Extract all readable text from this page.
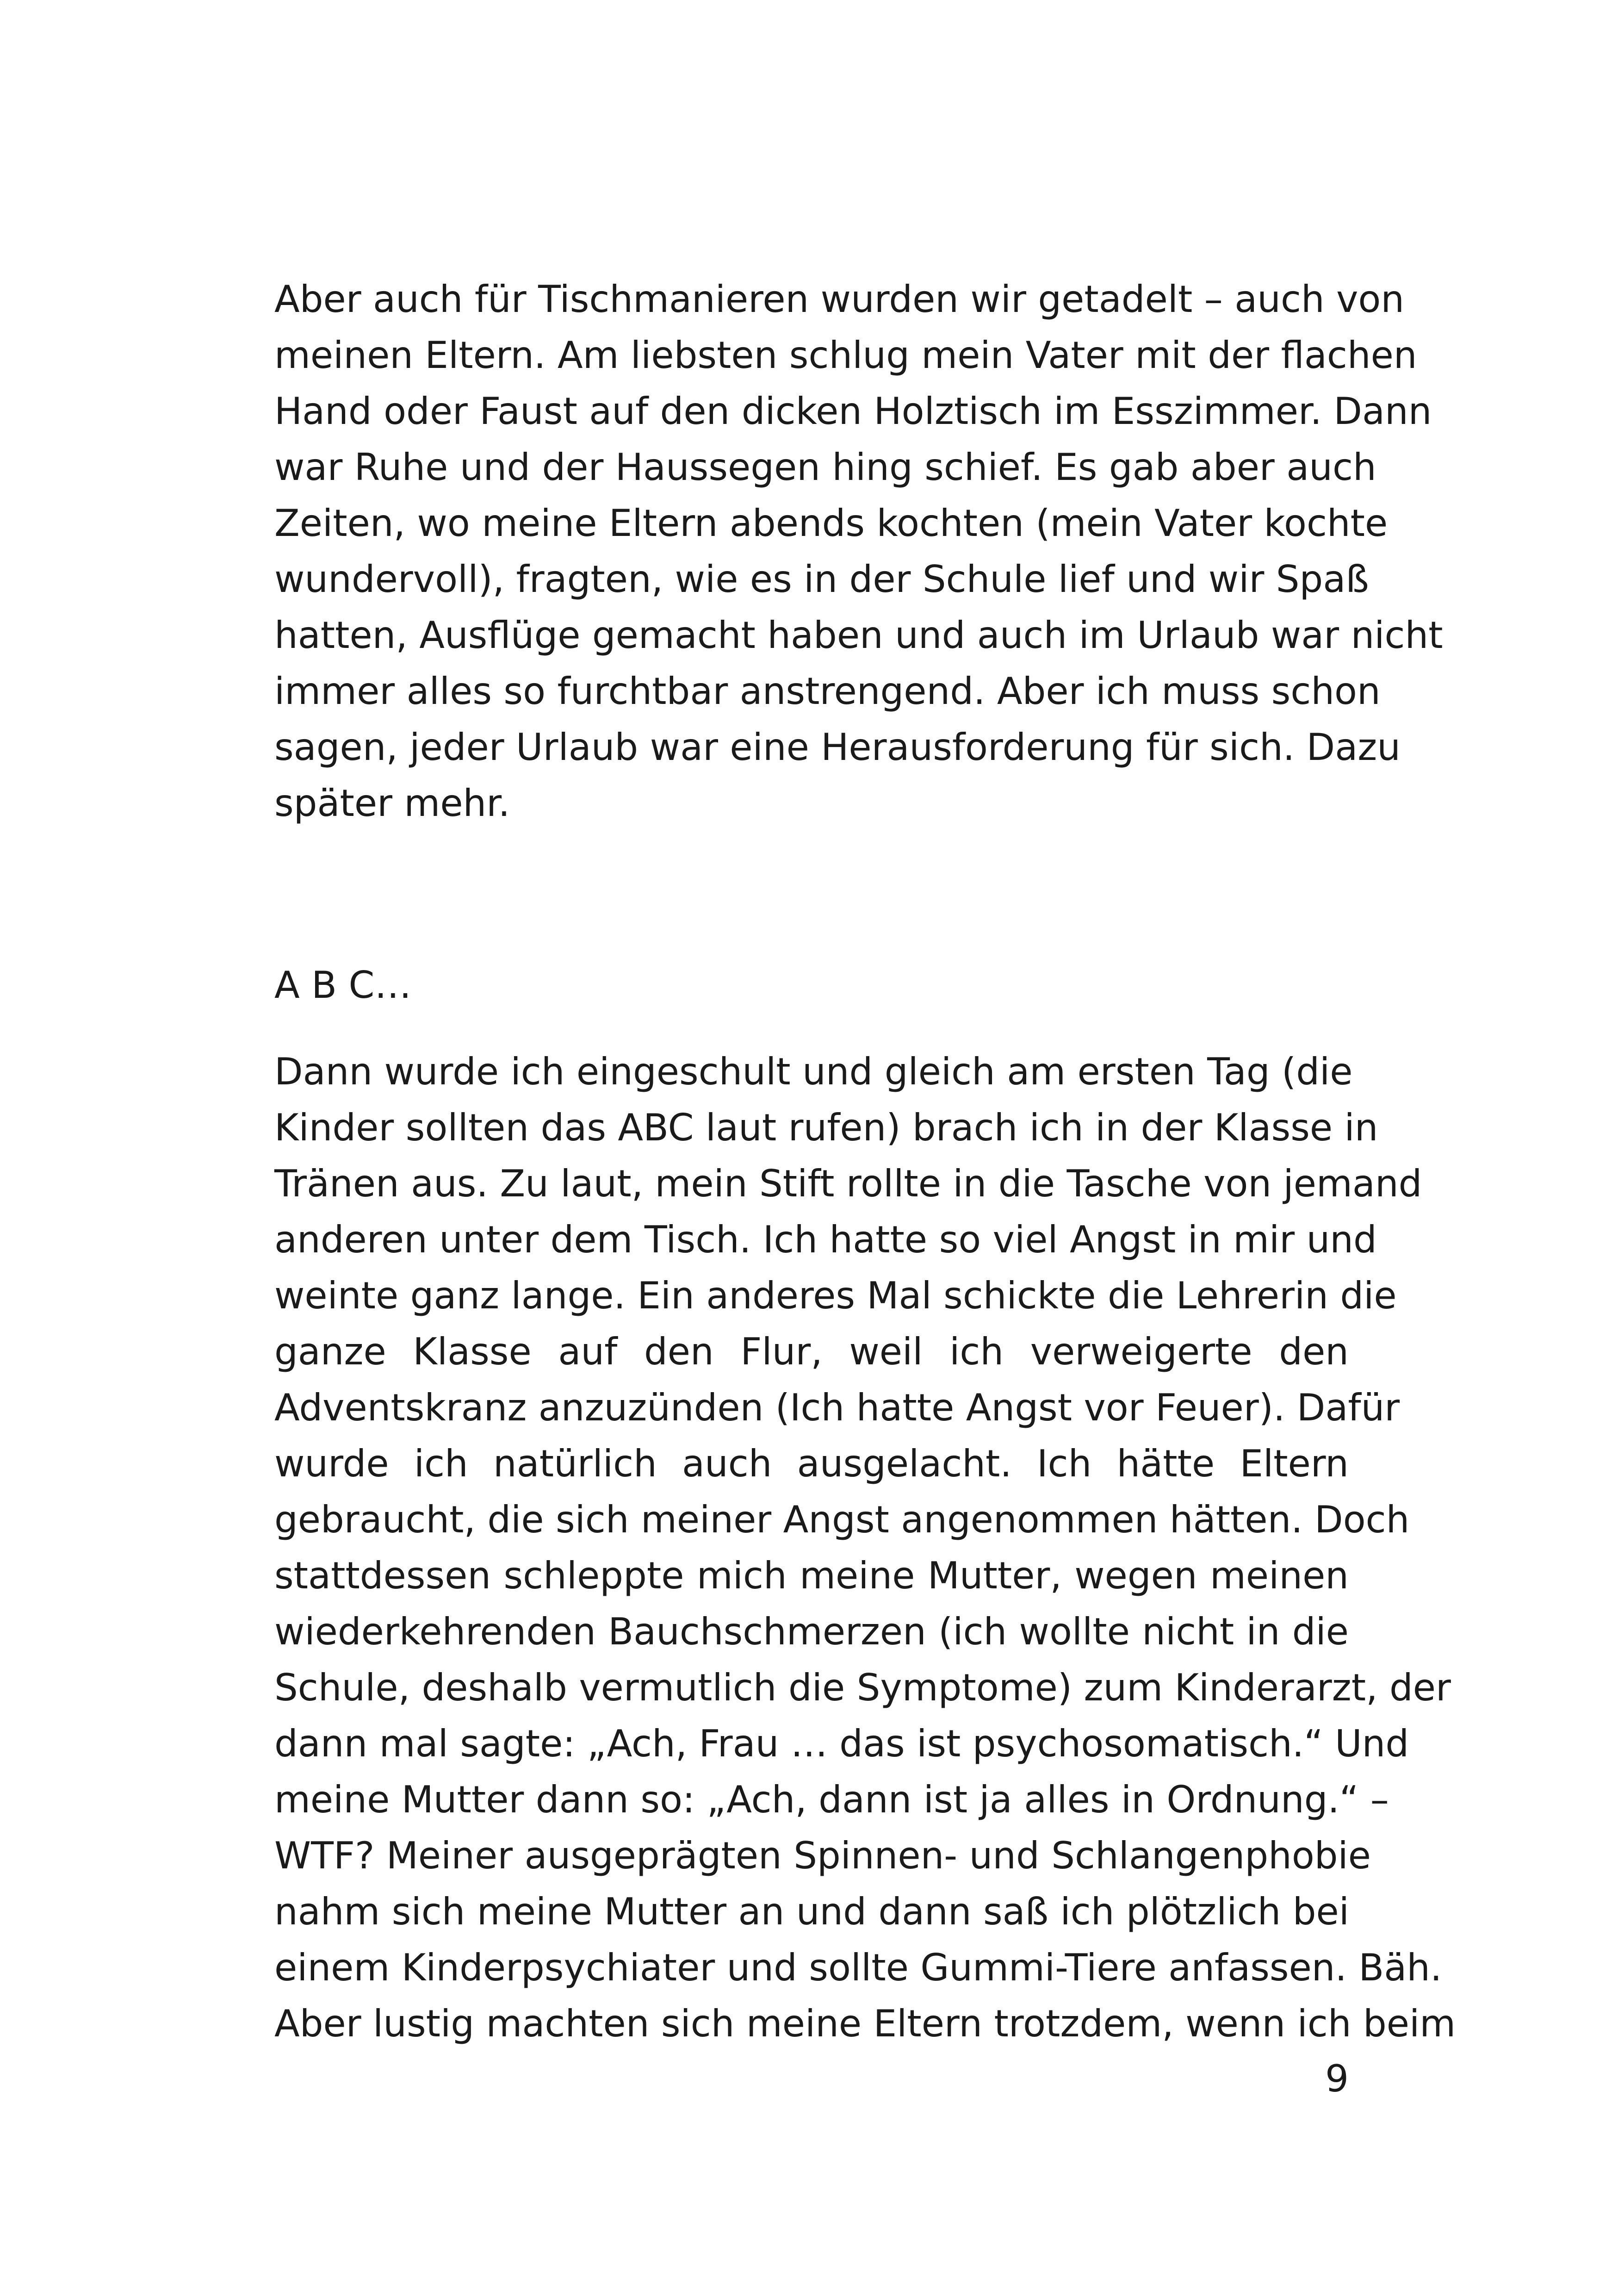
Aber auch für Tischmanieren wurden wir getadelt – auch von
meinen Eltern. Am liebsten schlug mein Vater mit der flachen
Hand oder Faust auf den dicken Holztisch im Esszimmer. Dann
war Ruhe und der Haussegen hing schief. Es gab aber auch
Zeiten, wo meine Eltern abends kochten (mein Vater kochte
wundervoll), fragten, wie es in der Schule lief und wir Spaß
hatten, Ausflüge gemacht haben und auch im Urlaub war nicht
immer alles so furchtbar anstrengend. Aber ich muss schon
sagen, jeder Urlaub war eine Herausforderung für sich. Dazu
später mehr.
A B C…
Dann wurde ich eingeschult und gleich am ersten Tag (die
Kinder sollten das ABC laut rufen) brach ich in der Klasse in
Tränen aus. Zu laut, mein Stift rollte in die Tasche von jemand
anderen unter dem Tisch. Ich hatte so viel Angst in mir und
weinte ganz lange. Ein anderes Mal schickte die Lehrerin die
ganze Klasse auf den Flur, weil ich verweigerte den
Adventskranz anzuzünden (Ich hatte Angst vor Feuer). Dafür
wurde ich natürlich auch ausgelacht. Ich hätte Eltern
gebraucht, die sich meiner Angst angenommen hätten. Doch
stattdessen schleppte mich meine Mutter, wegen meinen
wiederkehrenden Bauchschmerzen (ich wollte nicht in die
Schule, deshalb vermutlich die Symptome) zum Kinderarzt, der
dann mal sagte: „Ach, Frau … das ist psychosomatisch.“ Und
meine Mutter dann so: „Ach, dann ist ja alles in Ordnung.“ –
WTF? Meiner ausgeprägten Spinnen- und Schlangenphobie
nahm sich meine Mutter an und dann saß ich plötzlich bei
einem Kinderpsychiater und sollte Gummi-Tiere anfassen. Bäh.
Aber lustig machten sich meine Eltern trotzdem, wenn ich beim
9
